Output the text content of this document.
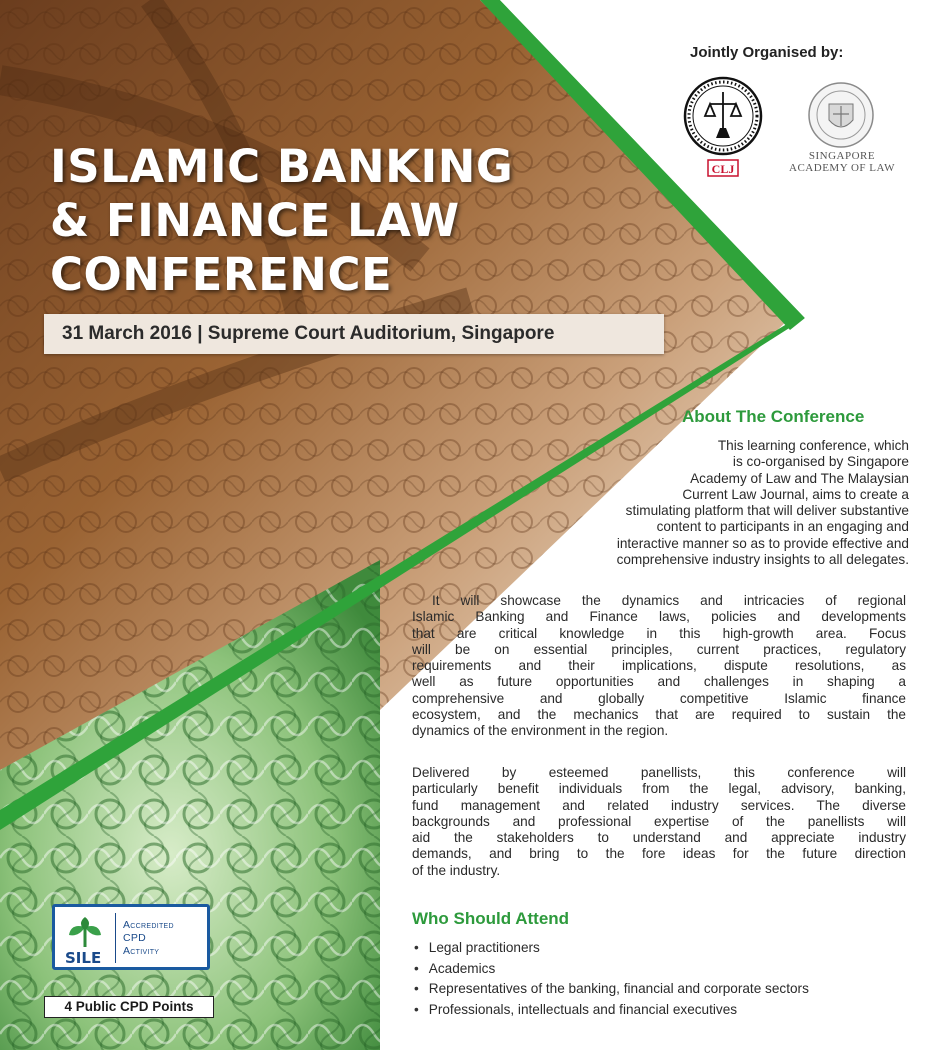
ISLAMIC BANKING
& FINANCE LAW
CONFERENCE
31 March 2016 | Supreme Court Auditorium, Singapore
Jointly Organised by:
CLJ
SINGAPORE
ACADEMY OF LAW
About The Conference
This learning conference, which
is co-organised by Singapore
Academy of Law and The Malaysian
Current Law Journal, aims to create a
stimulating platform that will deliver substantive
content to participants in an engaging and
interactive manner so as to provide effective and
comprehensive industry insights to all delegates.
It will showcase the dynamics and intricacies of regional
Islamic Banking and Finance laws, policies and developments
that are critical knowledge in this high-growth area. Focus
will be on essential principles, current practices, regulatory
requirements and their implications, dispute resolutions, as
well as future opportunities and challenges in shaping a
comprehensive and globally competitive Islamic finance
ecosystem, and the mechanics that are required to sustain the
dynamics of the environment in the region.
Delivered by esteemed panellists, this conference will
particularly benefit individuals from the legal, advisory, banking,
fund management and related industry services. The diverse
backgrounds and professional expertise of the panellists will
aid the stakeholders to understand and appreciate industry
demands, and bring to the fore ideas for the future direction
of the industry.
Who Should Attend
• Legal practitioners
• Academics
• Representatives of the banking, financial and corporate sectors
• Professionals, intellectuals and financial executives
SILE
Accredited
CPD
Activity
4 Public CPD Points
